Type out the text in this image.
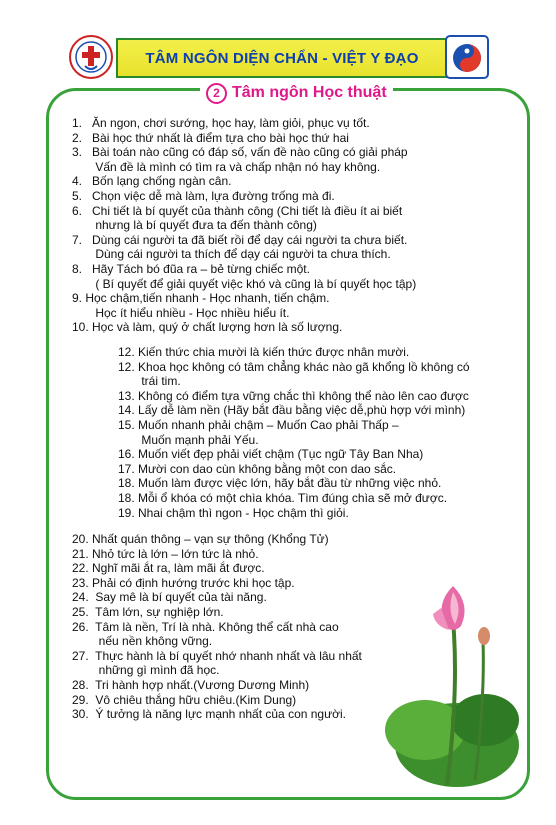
TÂM NGÔN DIỆN CHẨN - VIỆT Y ĐẠO
2 Tâm ngôn Học thuật
1.   Ăn ngon, chơi sướng, học hay, làm giỏi, phục vụ tốt.
2.   Bài học thứ nhất là điểm tựa cho bài học thứ hai
3.   Bài toán nào cũng có đáp số, vấn đề nào cũng có giải pháp
Vấn đề là mình có tìm ra và chấp nhận nó hay không.
4.   Bốn lạng chống ngàn cân.
5.   Chọn việc dễ mà làm, lựa đường trống mà đi.
6.   Chi tiết là bí quyết của thành công (Chi tiết là điều ít ai biết
nhưng là bí quyết đưa ta đến thành công)
7.   Dùng cái người ta đã biết rồi để dạy cái người ta chưa biết.
Dùng cái người ta thích để dạy cái người ta chưa thích.
8.   Hãy Tách bó đũa ra – bẻ từng chiếc một.
( Bí quyết để giải quyết việc khó và cũng là bí quyết học tập)
9. Học chậm,tiến nhanh - Học nhanh, tiến chậm.
Học ít hiểu nhiều - Học nhiều hiểu ít.
10. Học và làm, quý ở chất lượng hơn là số lượng.
12. Kiến thức chia mười là kiến thức được nhân mười.
12. Khoa học không có tâm chẳng khác nào gã khổng lồ không có
trái tim.
13. Không có điểm tựa vững chắc thì không thể nào lên cao được
14. Lấy dễ làm nền (Hãy bắt đầu bằng việc dễ,phù hợp với mình)
15. Muốn nhanh phải chậm – Muốn Cao phải Thấp –
Muốn mạnh phải Yếu.
16. Muốn viết đẹp phải viết chậm (Tục ngữ Tây Ban Nha)
17. Mười con dao cùn không bằng một con dao sắc.
18. Muốn làm được việc lớn, hãy bắt đầu từ những việc nhỏ.
18. Mỗi ổ khóa có một chìa khóa. Tìm đúng chìa sẽ mở được.
19. Nhai chậm thì ngon - Học chậm thì giỏi.
20. Nhất quán thông – vạn sự thông (Khổng Tử)
21. Nhỏ tức là lớn – lớn tức là nhỏ.
22. Nghĩ mãi ắt ra, làm mãi ắt được.
23. Phải có định hướng trước khi học tập.
24.  Say mê là bí quyết của tài năng.
25.  Tâm lớn, sự nghiệp lớn.
26.  Tâm là nền, Trí là nhà. Không thể cất nhà cao
nếu nền không vững.
27.  Thực hành là bí quyết nhớ nhanh nhất và lâu nhất
những gì mình đã học.
28.  Tri hành hợp nhất.(Vương Dương Minh)
29.  Vô chiêu thắng hữu chiêu.(Kim Dung)
30.  Ý tưởng là năng lực mạnh nhất của con người.
